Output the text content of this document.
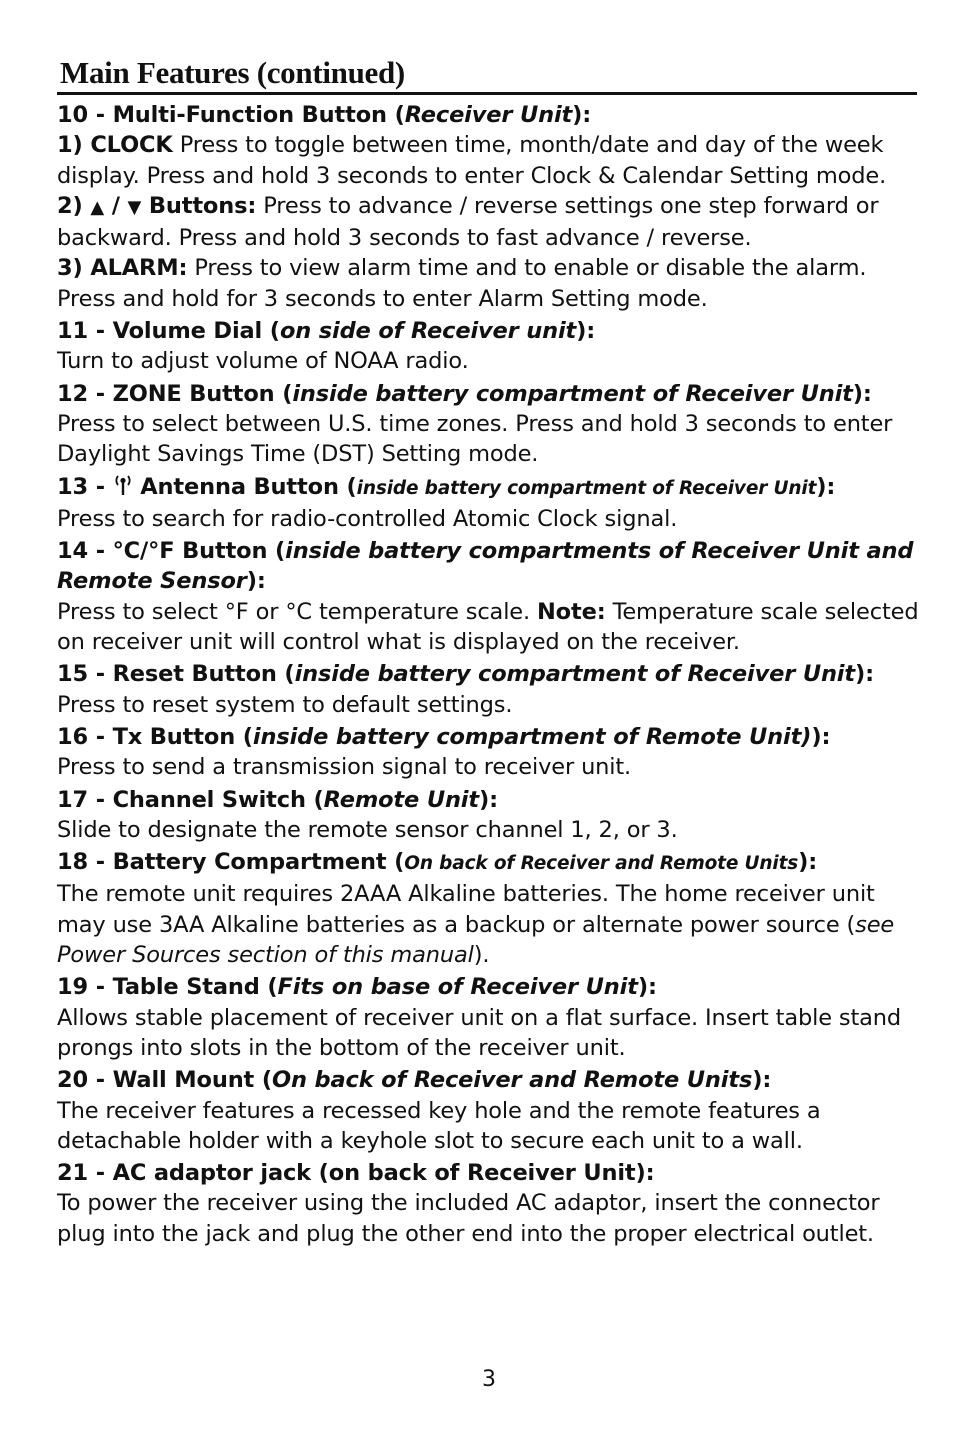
Main Features (continued)
10 - Multi-Function Button (Receiver Unit):
1) CLOCK Press to toggle between time, month/date and day of the week display. Press and hold 3 seconds to enter Clock & Calendar Setting mode.
2) ▲ / ▼ Buttons: Press to advance / reverse settings one step forward or backward. Press and hold 3 seconds to fast advance / reverse.
3) ALARM: Press to view alarm time and to enable or disable the alarm. Press and hold for 3 seconds to enter Alarm Setting mode.
11 - Volume Dial (on side of Receiver unit):
Turn to adjust volume of NOAA radio.
12 - ZONE Button (inside battery compartment of Receiver Unit):
Press to select between U.S. time zones. Press and hold 3 seconds to enter Daylight Savings Time (DST) Setting mode.
13 -  Antenna Button (inside battery compartment of Receiver Unit):
Press to search for radio-controlled Atomic Clock signal.
14 - °C/°F Button (inside battery compartments of Receiver Unit and Remote Sensor):
Press to select °F or °C temperature scale. Note: Temperature scale selected on receiver unit will control what is displayed on the receiver.
15 - Reset Button (inside battery compartment of Receiver Unit):
Press to reset system to default settings.
16 - Tx Button (inside battery compartment of Remote Unit)):
Press to send a transmission signal to receiver unit.
17 - Channel Switch (Remote Unit):
Slide to designate the remote sensor channel 1, 2, or 3.
18 - Battery Compartment (On back of Receiver and Remote Units):
The remote unit requires 2AAA Alkaline batteries. The home receiver unit may use 3AA Alkaline batteries as a backup or alternate power source (see Power Sources section of this manual).
19 - Table Stand (Fits on base of Receiver Unit):
Allows stable placement of receiver unit on a flat surface. Insert table stand prongs into slots in the bottom of the receiver unit.
20 - Wall Mount (On back of Receiver and Remote Units):
The receiver features a recessed key hole and the remote features a detachable holder with a keyhole slot to secure each unit to a wall.
21 - AC adaptor jack (on back of Receiver Unit):
To power the receiver using the included AC adaptor, insert the connector plug into the jack and plug the other end into the proper electrical outlet.
3
